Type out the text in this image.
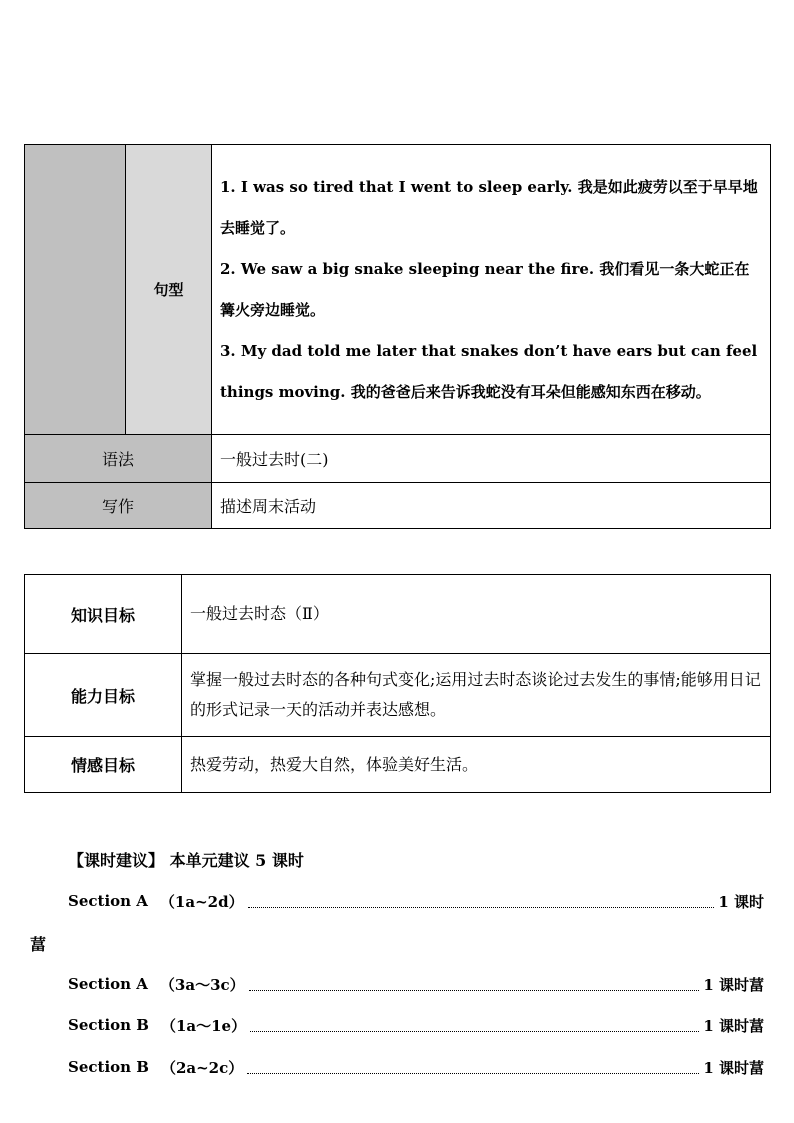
	句型	1. I was so tired that I went to sleep early. 我是如此疲劳以至于早早地去睡觉了。
2. We saw a big snake sleeping near the fire. 我们看见一条大蛇正在篝火旁边睡觉。
3. My dad told me later that snakes don’t have ears but can feel things moving. 我的爸爸后来告诉我蛇没有耳朵但能感知东西在移动。

语法		一般过去时(二)
写作		描述周末活动
知识目标	一般过去时态（Ⅱ）
能力目标	掌握一般过去时态的各种句式变化;运用过去时态谈论过去发生的事情;能够用日记的形式记录一天的活动并表达感想。
情感目标	热爱劳动，热爱大自然，体验美好生活。
【课时建议】 本单元建议 5 课时
Section A （1a~2d）	1 课时
葍
Section A （3a～3c）	1 课时 葍
Section B （1a～1e）	1 课时 葍
Section B （2a~2c）	1 课时 葍
